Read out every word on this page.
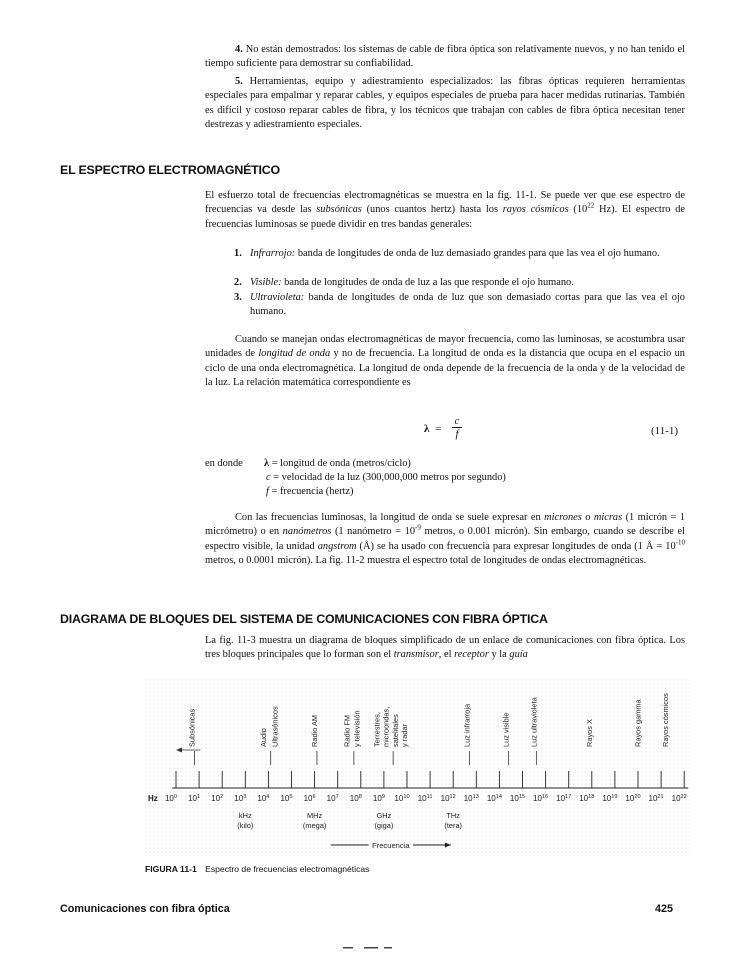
4. No están demostrados: los sistemas de cable de fibra óptica son relativamente nuevos, y no han tenido el tiempo suficiente para demostrar su confiabilidad.

5. Herramientas, equipo y adiestramiento especializados: las fibras ópticas requieren herramientas especiales para empalmar y reparar cables, y equipos especiales de prueba para hacer medidas rutinarias. También es difícil y costoso reparar cables de fibra, y los técnicos que trabajan con cables de fibra óptica necesitan tener destrezas y adiestramiento especiales.

EL ESPECTRO ELECTROMAGNÉTICO

El esfuerzo total de frecuencias electromagnéticas se muestra en la fig. 11-1. Se puede ver que ese espectro de frecuencias va desde las subsónicas (unos cuantos hertz) hasta los rayos cósmicos ($10^{22}$ Hz). El espectro de frecuencias luminosas se puede dividir en tres bandas generales:

1. Infrarrojo: banda de longitudes de onda de luz demasiado grandes para que las vea el ojo humano.
2. Visible: banda de longitudes de onda de luz a las que responde el ojo humano.
3. Ultravioleta: banda de longitudes de onda de luz que son demasiado cortas para que las vea el ojo humano.

Cuando se manejan ondas electromagnéticas de mayor frecuencia, como las luminosas, se acostumbra usar unidades de longitud de onda y no de frecuencia. La longitud de onda es la distancia que ocupa en el espacio un ciclo de una onda electromagnética. La longitud de onda depende de la frecuencia de la onda y de la velocidad de la luz. La relación matemática correspondiente es

λ =
c
f	(11-1)
en donde λ = longitud de onda (metros/ciclo)
c = velocidad de la luz (300,000,000 metros por segundo)
f = frecuencia (hertz)

Con las frecuencias luminosas, la longitud de onda se suele expresar en micrones o micras (1 micrón = 1 micrómetro) o en nanómetros (1 nanómetro = $10^{-9}$ metros, o 0.001 micrón). Sin embargo, cuando se describe el espectro visible, la unidad angstrom (Å) se ha usado con frecuencia para expresar longitudes de onda (1 Å = $10^{-10}$ metros, o 0.0001 micrón). La fig. 11-2 muestra el espectro total de longitudes de ondas electromagnéticas.

DIAGRAMA DE BLOQUES DEL SISTEMA DE COMUNICACIONES CON FIBRA ÓPTICA

La fig. 11-3 muestra un diagrama de bloques simplificado de un enlace de comunicaciones con fibra óptica. Los tres bloques principales que lo forman son el transmisor, el receptor y la guía

Hz $10^0$ $10^1$ $10^2$ $10^3$ $10^4$ $10^5$ $10^6$ $10^7$ $10^8$ $10^9$ $10^{10}$ $10^{11}$ $10^{12}$ $10^{13}$ $10^{14}$ $10^{15}$ $10^{16}$ $10^{17}$ $10^{18}$ $10^{19}$ $10^{20}$ $10^{21}$ $10^{22}$
Subsónicas	Audio Ultrasónicos	Radio AM	Radio FM y televisión Terrestres, microondas, satelitales y radar	Luz infrarroja	Luz visible	Luz ultravioleta	Rayos X	Rayos gamma	Rayos cósmicos
kHz
(kilo)
MHz
(mega)
GHz
(giga)
THz
(tera)
Frecuencia
FIGURA 11-1 Espectro de frecuencias electromagnéticas
Comunicaciones con fibra óptica	425
